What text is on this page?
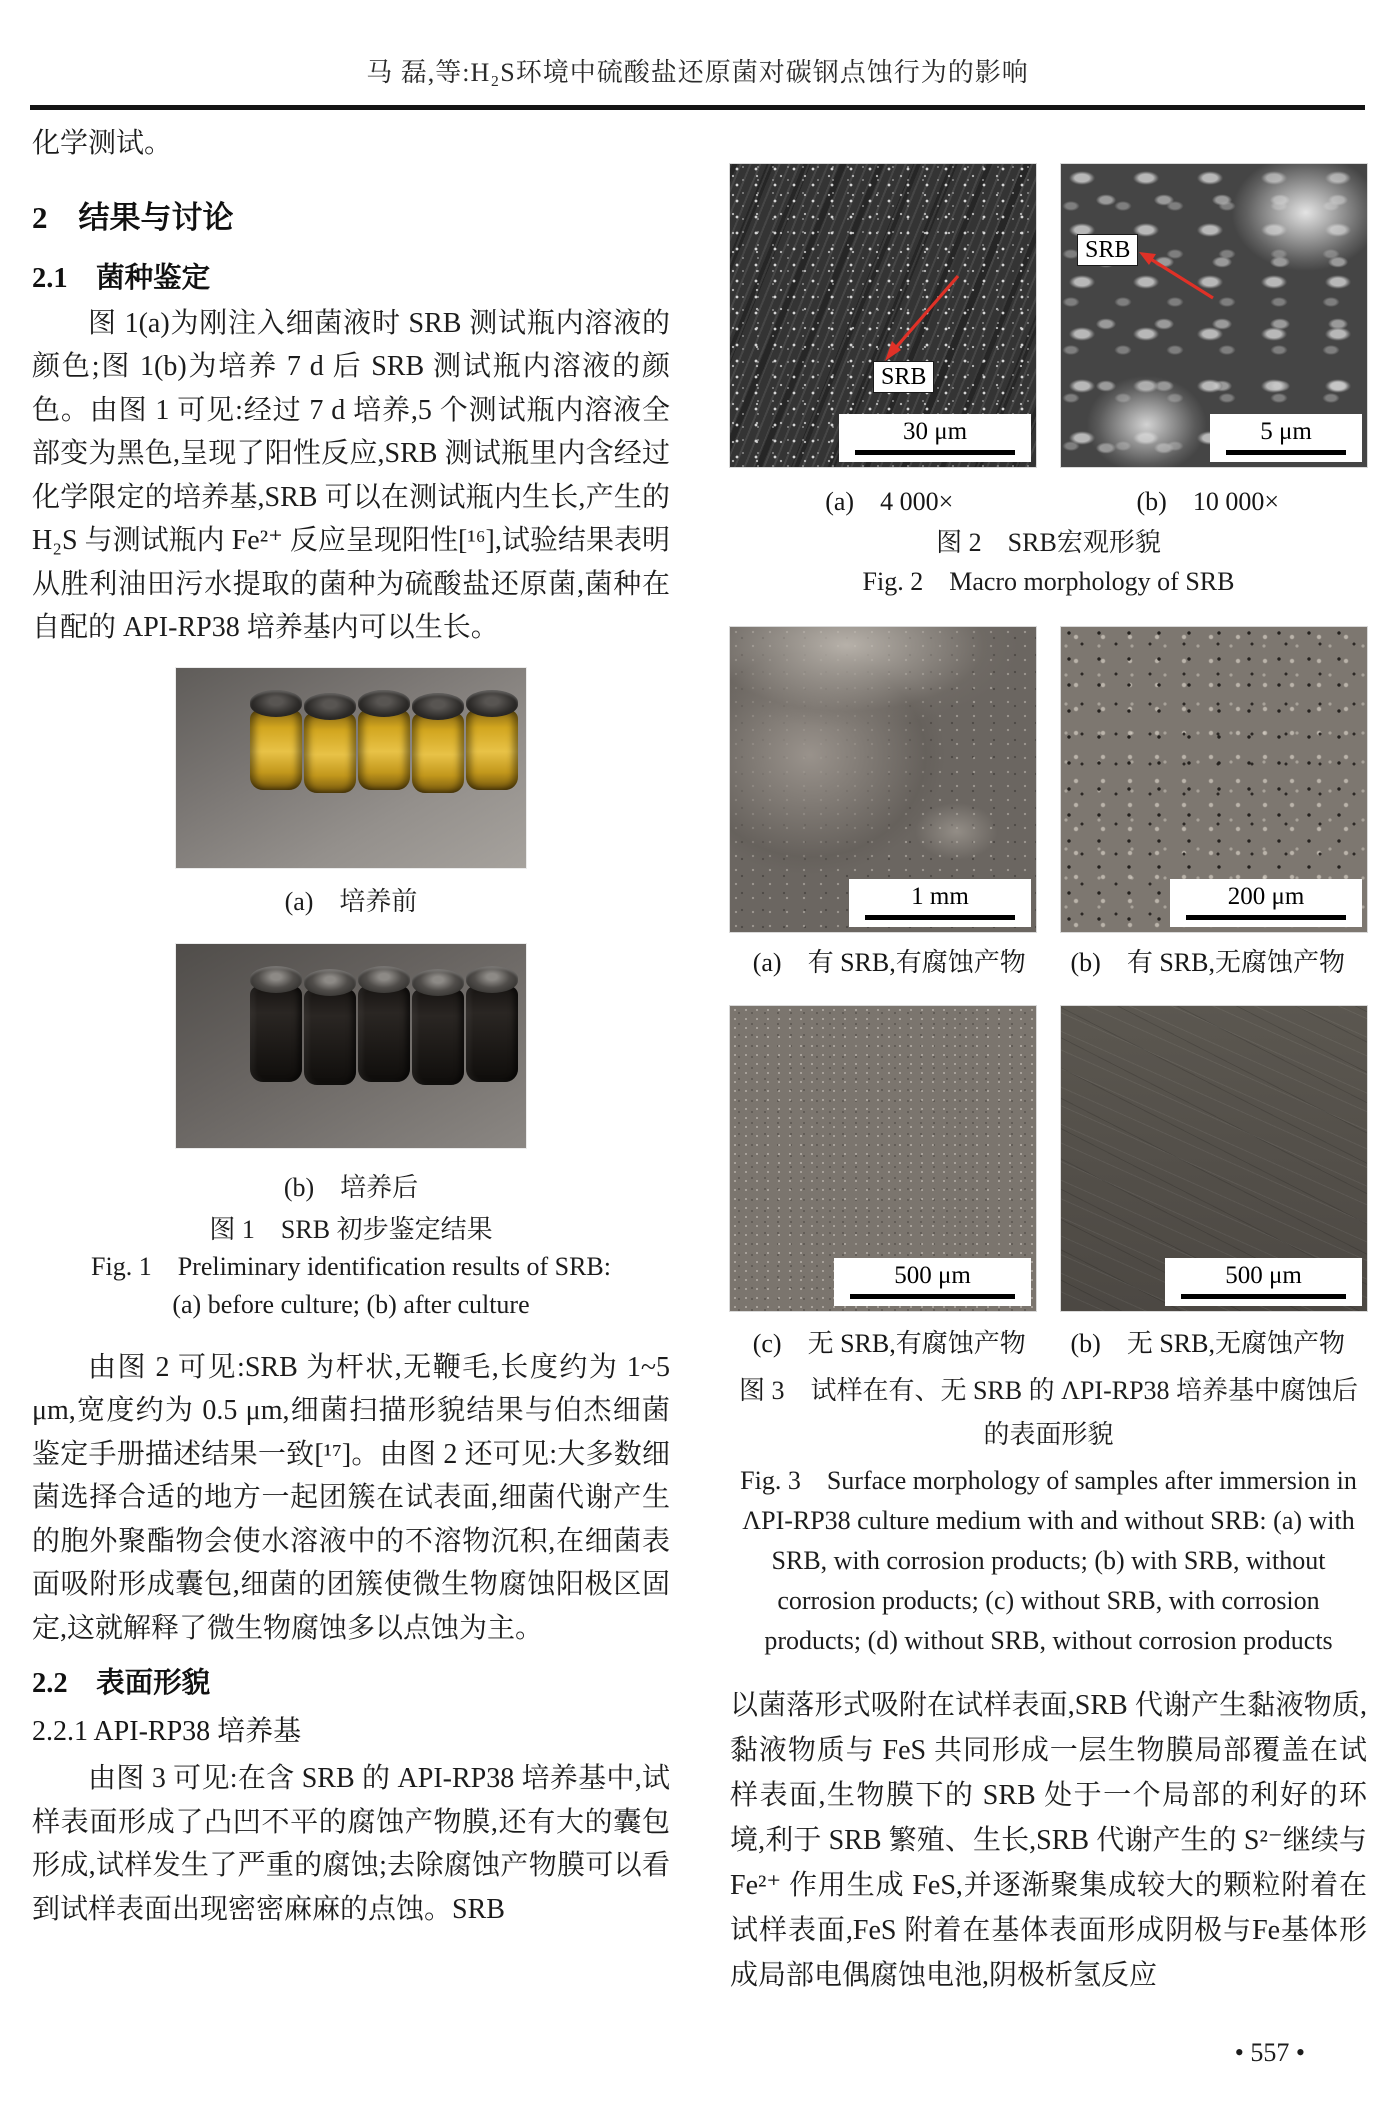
马 磊,等:H₂S环境中硫酸盐还原菌对碳钢点蚀行为的影响
化学测试。
2　结果与讨论
2.1　菌种鉴定
图 1(a)为刚注入细菌液时 SRB 测试瓶内溶液的颜色;图 1(b)为培养 7 d 后 SRB 测试瓶内溶液的颜色。由图 1 可见:经过 7 d 培养,5 个测试瓶内溶液全部变为黑色,呈现了阳性反应,SRB 测试瓶里内含经过化学限定的培养基,SRB 可以在测试瓶内生长,产生的 H₂S 与测试瓶内 Fe²⁺ 反应呈现阳性[¹⁶],试验结果表明从胜利油田污水提取的菌种为硫酸盐还原菌,菌种在自配的 API-RP38 培养基内可以生长。
(a)　培养前
(b)　培养后
图 1　SRB 初步鉴定结果
Fig. 1　Preliminary identification results of SRB:
(a) before culture; (b) after culture
由图 2 可见:SRB 为杆状,无鞭毛,长度约为 1~5 μm,宽度约为 0.5 μm,细菌扫描形貌结果与伯杰细菌鉴定手册描述结果一致[¹⁷]。由图 2 还可见:大多数细菌选择合适的地方一起团簇在试表面,细菌代谢产生的胞外聚酯物会使水溶液中的不溶物沉积,在细菌表面吸附形成囊包,细菌的团簇使微生物腐蚀阳极区固定,这就解释了微生物腐蚀多以点蚀为主。
2.2　表面形貌
2.2.1 API-RP38 培养基
由图 3 可见:在含 SRB 的 API-RP38 培养基中,试样表面形成了凸凹不平的腐蚀产物膜,还有大的囊包形成,试样发生了严重的腐蚀;去除腐蚀产物膜可以看到试样表面出现密密麻麻的点蚀。SRB
SRB
30 μm
SRB
5 μm
(a)　4 000×	(b)　10 000×
图 2　SRB宏观形貌
Fig. 2　Macro morphology of SRB
1 mm	200 μm
(a)　有 SRB,有腐蚀产物	(b)　有 SRB,无腐蚀产物
500 μm	500 μm
(c)　无 SRB,有腐蚀产物	(b)　无 SRB,无腐蚀产物
图 3　试样在有、无 SRB 的 ΛPI-RP38 培养基中腐蚀后
的表面形貌
Fig. 3　Surface morphology of samples after immersion in
ΛPI-RP38 culture medium with and without SRB: (a) with
SRB, with corrosion products; (b) with SRB, without
corrosion products; (c) without SRB, with corrosion
products; (d) without SRB, without corrosion products
以菌落形式吸附在试样表面,SRB 代谢产生黏液物质,黏液物质与 FeS 共同形成一层生物膜局部覆盖在试样表面,生物膜下的 SRB 处于一个局部的利好的环境,利于 SRB 繁殖、生长,SRB 代谢产生的 S²⁻继续与 Fe²⁺ 作用生成 FeS,并逐渐聚集成较大的颗粒附着在试样表面,FeS 附着在基体表面形成阴极与Fe基体形成局部电偶腐蚀电池,阴极析氢反应
• 557 •
